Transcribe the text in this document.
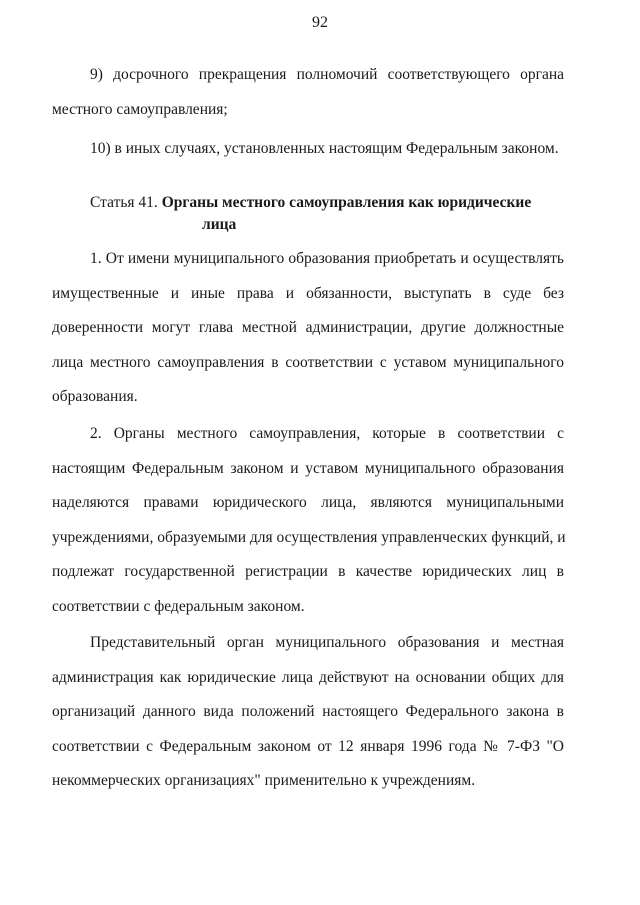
92
9) досрочного прекращения полномочий соответствующего органа
местного самоуправления;
10) в иных случаях, установленных настоящим Федеральным законом.
Статья 41. Органы местного самоуправления как юридические
лица
1. От имени муниципального образования приобретать и осуществлять
имущественные и иные права и обязанности, выступать в суде без
доверенности могут глава местной администрации, другие должностные
лица местного самоуправления в соответствии с уставом муниципального
образования.
2. Органы местного самоуправления, которые в соответствии с
настоящим Федеральным законом и уставом муниципального образования
наделяются правами юридического лица, являются муниципальными
учреждениями, образуемыми для осуществления управленческих функций, и
подлежат государственной регистрации в качестве юридических лиц в
соответствии с федеральным законом.
Представительный орган муниципального образования и местная
администрация как юридические лица действуют на основании общих для
организаций данного вида положений настоящего Федерального закона в
соответствии с Федеральным законом от 12 января 1996 года № 7-ФЗ "О
некоммерческих организациях" применительно к учреждениям.
